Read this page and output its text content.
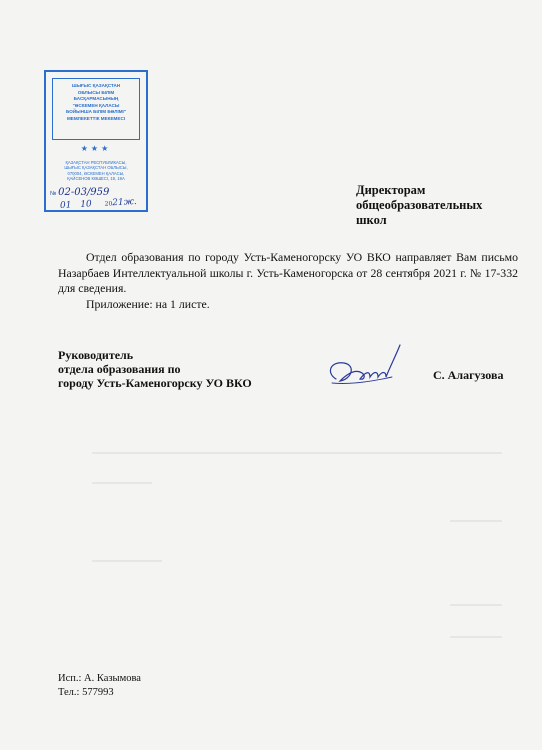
ШЫҒЫС ҚАЗАҚСТАН
ОБЛЫСЫ БІЛІМ
БАСҚАРМАСЫНЫҢ
"ӨСКЕМЕН ҚАЛАСЫ
БОЙЫНША БІЛІМ БӨЛІМІ"
МЕМЛЕКЕТТІК МЕКЕМЕСІ
★★★
ҚАЗАҚСТАН РЕСПУБЛИКАСЫ,
ШЫҒЫС ҚАЗАҚСТАН ОБЛЫСЫ,
070004, ӨСКЕМЕН ҚАЛАСЫ,
ҚАЙСЕНОВ КӨШЕСІ, 19, 19А
№ 02-03/959
01 10 2021ж.
Директорам
общеобразовательных
школ

Отдел образования по городу Усть-Каменогорску УО ВКО направляет Вам письмо Назарбаев Интеллектуальной школы г. Усть-Каменогорска от 28 сентября 2021 г. № 17-332 для сведения.

Приложение: на 1 листе.

Руководитель
отдела образования по
городу Усть-Каменогорску УО ВКО
С. Алагузова
Исп.: А. Казымова
Тел.: 577993
